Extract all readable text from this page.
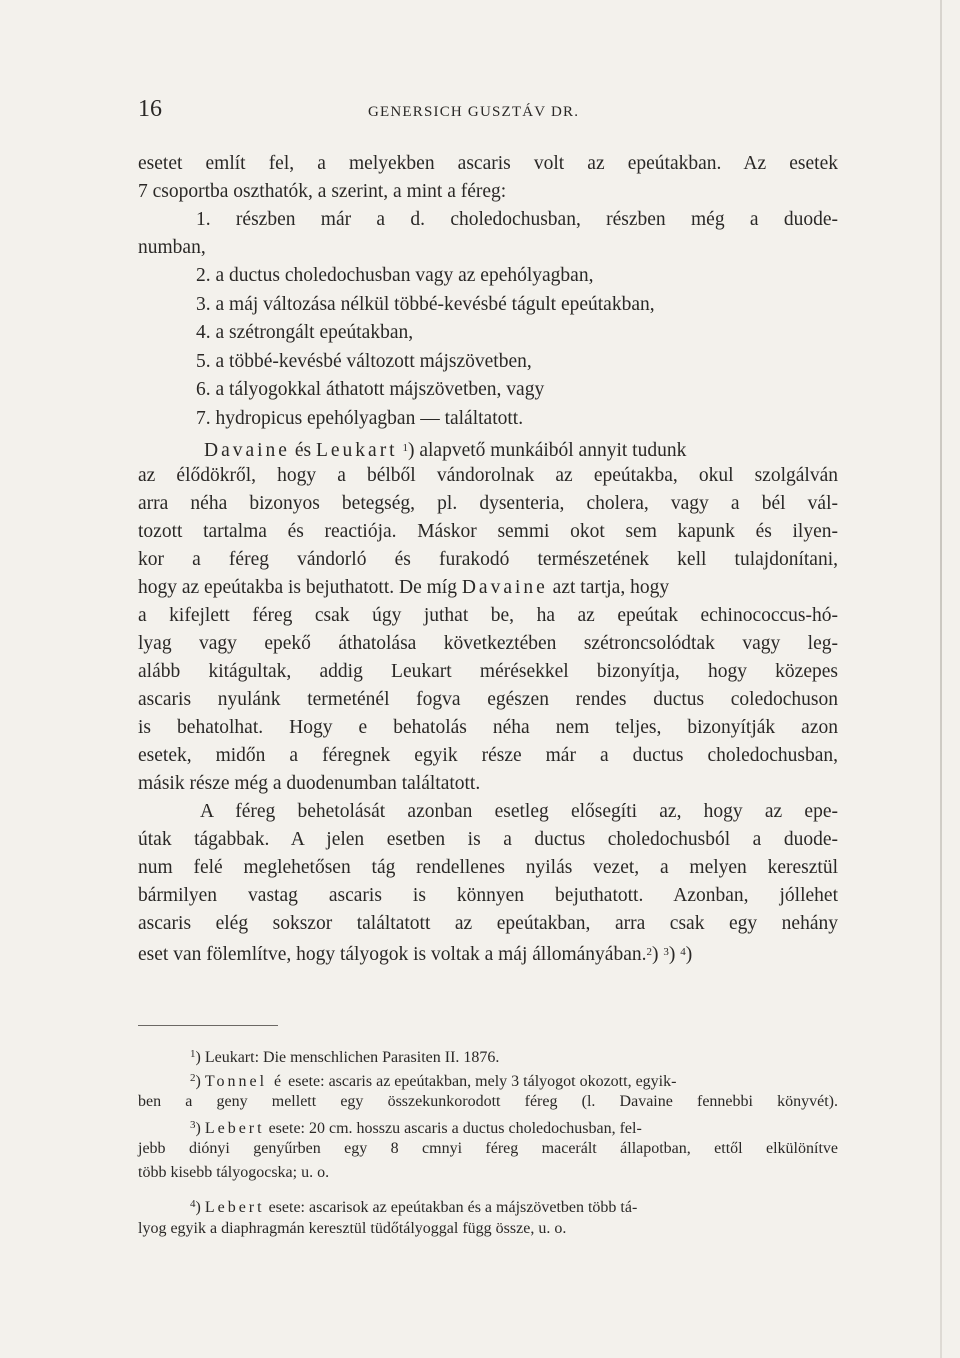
16	GENERSICH GUSZTÁV DR.
esetet említ fel, a melyekben ascaris volt az epeútakban. Az esetek
7 csoportba oszthatók, a szerint, a mint a féreg:
1. részben már a d. choledochusban, részben még a duode-
numban,
2. a ductus choledochusban vagy az epehólyagban,
3. a máj változása nélkül többé-kevésbé tágult epeútakban,
4. a szétrongált epeútakban,
5. a többé-kevésbé változott májszövetben,
6. a tályogokkal áthatott májszövetben, vagy
7. hydropicus epehólyagban — találtatott.
Davaine és Leukart $^1$) alapvető munkáiból annyit tudunk
az élődökről, hogy a bélből vándorolnak az epeútakba, okul szolgálván
arra néha bizonyos betegség, pl. dysenteria, cholera, vagy a bél vál-
tozott tartalma és reactiója. Máskor semmi okot sem kapunk és ilyen-
kor a féreg vándorló és furakodó természetének kell tulajdonítani,
hogy az epeútakba is bejuthatott. De míg Davaine azt tartja, hogy
a kifejlett féreg csak úgy juthat be, ha az epeútak echinococcus-hó-
lyag vagy epekő áthatolása következtében szétroncsolódtak vagy leg-
alább kitágultak, addig Leukart mérésekkel bizonyítja, hogy közepes
ascaris nyulánk termeténél fogva egészen rendes ductus coledochuson
is behatolhat. Hogy e behatolás néha nem teljes, bizonyítják azon
esetek, midőn a féregnek egyik része már a ductus choledochusban,
másik része még a duodenumban találtatott.
A féreg behetolását azonban esetleg elősegíti az, hogy az epe-
útak tágabbak. A jelen esetben is a ductus choledochusból a duode-
num felé meglehetősen tág rendellenes nyilás vezet, a melyen keresztül
bármilyen vastag ascaris is könnyen bejuthatott. Azonban, jóllehet
ascaris elég sokszor találtatott az epeútakban, arra csak egy nehány
eset van fölemlítve, hogy tályogok is voltak a máj állományában.$^2$) $^3$) $^4$)
$^1$) Leukart: Die menschlichen Parasiten II. 1876.
$^2$) Tonnel é esete: ascaris az epeútakban, mely 3 tályogot okozott, egyik-
ben a geny mellett egy összekunkorodott féreg (l. Davaine fennebbi könyvét).
$^3$) Lebert esete: 20 cm. hosszu ascaris a ductus choledochusban, fel-
jebb diónyi genyűrben egy 8 cmnyi féreg macerált állapotban, ettől elkülönítve
több kisebb tályogocska; u. o.
$^4$) Lebert esete: ascarisok az epeútakban és a májszövetben több tá-
lyog egyik a diaphragmán keresztül tüdőtályoggal függ össze, u. o.
